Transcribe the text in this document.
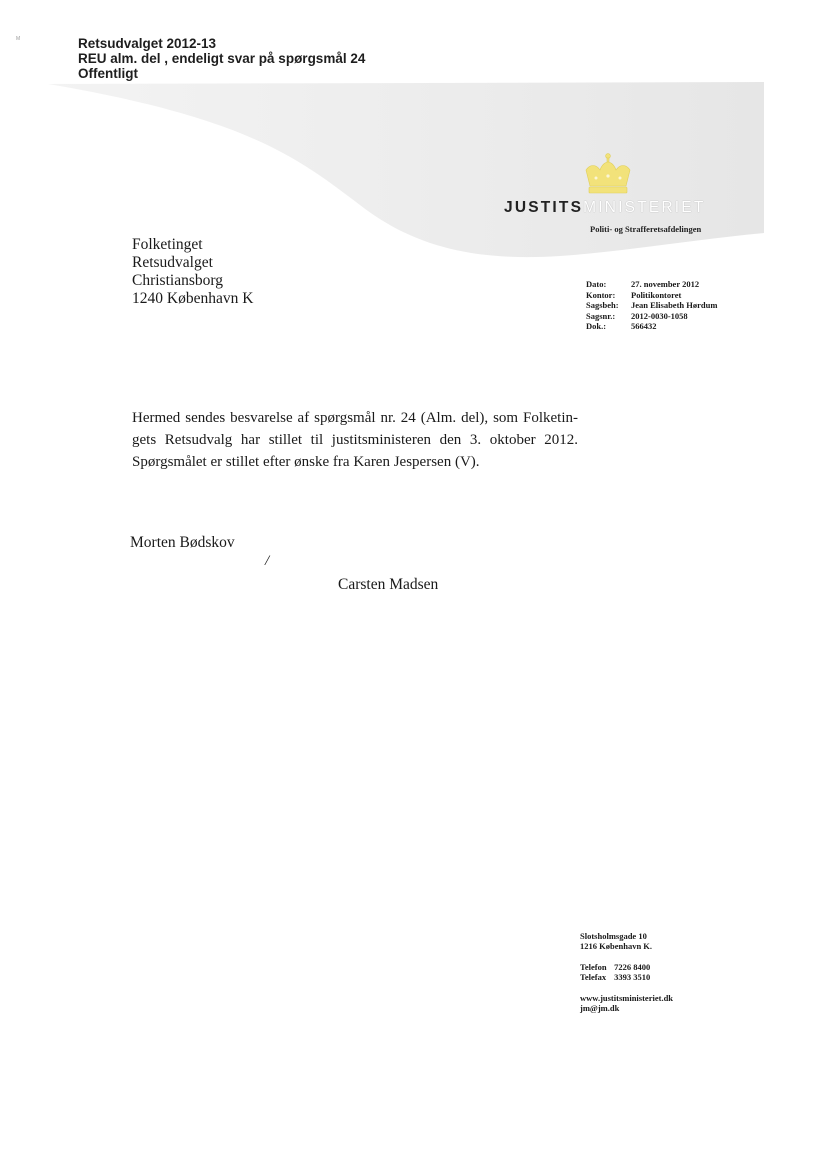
M	Retsudvalget 2012-13
REU alm. del , endeligt svar på spørgsmål 24
Offentligt
JUSTITSMINISTERIET
Politi- og Strafferetsafdelingen
Folketinget
Retsudvalget
Christiansborg
1240 København K
Dato:	27. november 2012
Kontor:	Politikontoret
Sagsbeh:	Jean Elisabeth Hørdum
Sagsnr.:	2012-0030-1058
Dok.:	566432
Hermed sendes besvarelse af spørgsmål nr. 24 (Alm. del), som Folketin-
gets Retsudvalg har stillet til justitsministeren den 3. oktober 2012.
Spørgsmålet er stillet efter ønske fra Karen Jespersen (V).
Morten Bødskov
/
Carsten Madsen
Slotsholmsgade 10
1216 København K.
Telefon 7226 8400
Telefax 3393 3510
www.justitsministeriet.dk
jm@jm.dk
